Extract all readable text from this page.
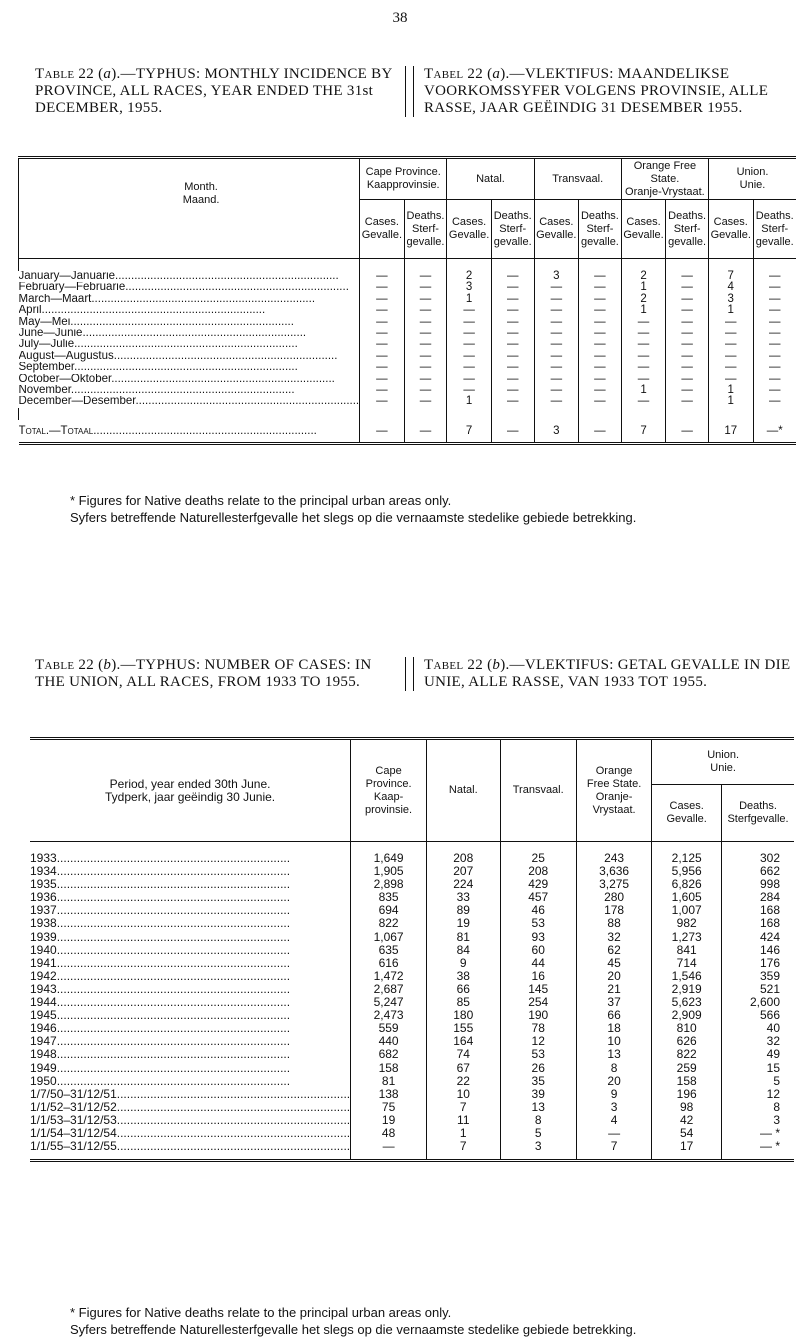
38
Table 22 (a).—TYPHUS: MONTHLY INCIDENCE BY PROVINCE, ALL RACES, YEAR ENDED THE 31st DECEMBER, 1955.
Tabel 22 (a).—VLEKTIFUS: MAANDELIKSE VOORKOMSSYFER VOLGENS PROVINSIE, ALLE RASSE, JAAR GEËINDIG 31 DESEMBER 1955.
Month.
Maand.	Cape Province.
Kaapprovinsie.		Natal.		Transvaal.		Orange Free State.
Oranje-Vrystaat.		Union.
Unie.	
	Cases.
Gevalle.	Deaths.
Sterf-
gevalle.	Cases.
Gevalle.	Deaths.
Sterf-
gevalle.	Cases.
Gevalle.	Deaths.
Sterf-
gevalle.	Cases.
Gevalle.	Deaths.
Sterf-
gevalle.	Cases.
Gevalle.	Deaths.
Sterf-
gevalle.

January—Januarie .....	—	—	2	—	3	—	2	—	7	—

February—Februarie .....	—	—	3	—	—	—	1	—	4	—

March—Maart .....	—	—	1	—	—	—	2	—	3	—

April .....	—	—	—	—	—	—	1	—	1	—

May—Mei .....	—	—	—	—	—	—	—	—	—	—

June—Junie .....	—	—	—	—	—	—	—	—	—	—

July—Julie .....	—	—	—	—	—	—	—	—	—	—

August—Augustus .....	—	—	—	—	—	—	—	—	—	—

September .....	—	—	—	—	—	—	—	—	—	—

October—Oktober .....	—	—	—	—	—	—	—	—	—	—

November .....	—	—	—	—	—	—	1	—	1	—

December—Desember .....	—	—	1	—	—	—	—	—	1	—

Total.—Totaal .....	—	—	7	—	3	—	7	—	17	—*
* Figures for Native deaths relate to the principal urban areas only.
Syfers betreffende Naturellesterfgevalle het slegs op die vernaamste stedelike gebiede betrekking.
Table 22 (b).—TYPHUS: NUMBER OF CASES: IN THE UNION, ALL RACES, FROM 1933 TO 1955.
Tabel 22 (b).—VLEKTIFUS: GETAL GEVALLE IN DIE UNIE, ALLE RASSE, VAN 1933 TOT 1955.
Period, year ended 30th June.
Tydperk, jaar geëindig 30 Junie.	Cape
Province.
Kaap-
provinsie.	Natal.	Transvaal.	Orange
Free State.
Oranje-
Vrystaat.	Union.
Unie.	
					Cases.
Gevalle.	Deaths.
Sterfgevalle.

1933 .....	1,649	208	25	243	2,125	302

1934 .....	1,905	207	208	3,636	5,956	662

1935 .....	2,898	224	429	3,275	6,826	998

1936 .....	835	33	457	280	1,605	284

1937 .....	694	89	46	178	1,007	168

1938 .....	822	19	53	88	982	168

1939 .....	1,067	81	93	32	1,273	424

1940 .....	635	84	60	62	841	146

1941 .....	616	9	44	45	714	176

1942 .....	1,472	38	16	20	1,546	359

1943 .....	2,687	66	145	21	2,919	521

1944 .....	5,247	85	254	37	5,623	2,600

1945 .....	2,473	180	190	66	2,909	566

1946 .....	559	155	78	18	810	40

1947 .....	440	164	12	10	626	32

1948 .....	682	74	53	13	822	49

1949 .....	158	67	26	8	259	15

1950 .....	81	22	35	20	158	5

1/7/50–31/12/51 .....	138	10	39	9	196	12

1/1/52–31/12/52 .....	75	7	13	3	98	8

1/1/53–31/12/53 .....	19	11	8	4	42	3

1/1/54–31/12/54 .....	48	1	5	—	54	— *

1/1/55–31/12/55 .....	—	7	3	7	17	— *
* Figures for Native deaths relate to the principal urban areas only.
Syfers betreffende Naturellesterfgevalle het slegs op die vernaamste stedelike gebiede betrekking.
